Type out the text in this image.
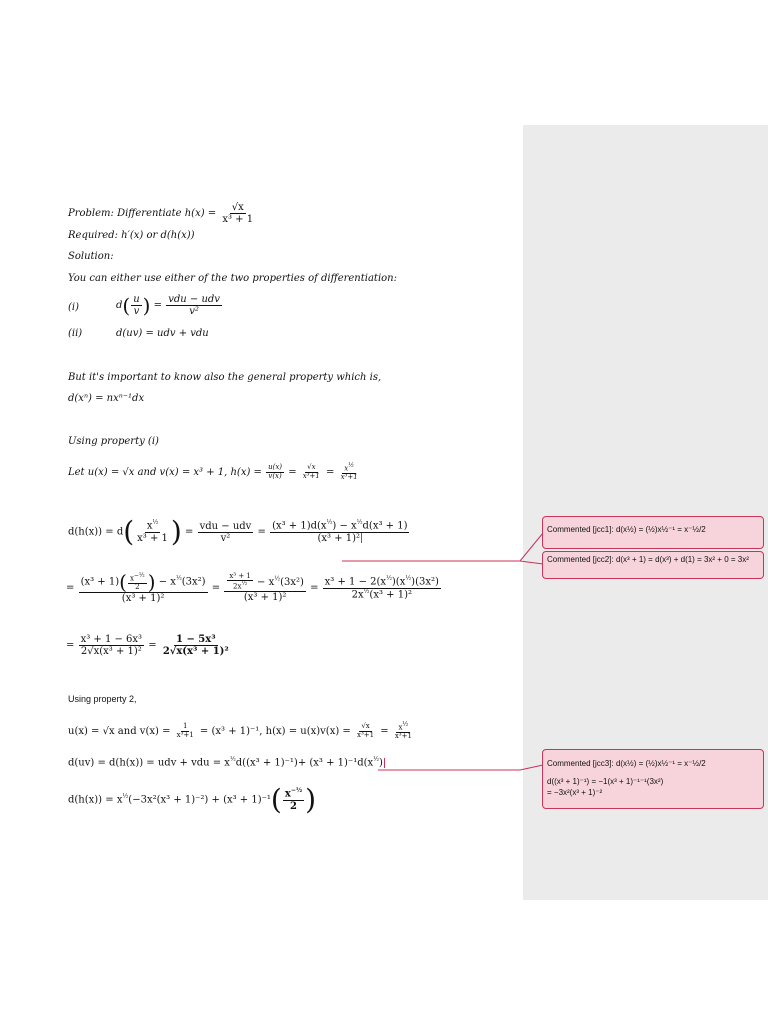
Problem: Differentiate $h(x) = \frac{√x}{\text{x³ + 1}}$
Required: h′(x) or d(h(x))
Solution:
You can either use either of the two properties of differentiation:
(i)	$d( \frac{u}{v}$ ) = $\frac{\text{vdu − udv}}{\text{v²}}$
(ii)	d(uv) = udv + vdu
But it's important to know also the general property which is,
d(xⁿ) = nxⁿ⁻¹dx
Using property (i)
Let u(x) = √x and v(x) = x³ + 1, $h(x) = \frac{u(x)}{v(x)} = \frac{√x}{\text{x³+1}} = \frac{x^{\frac{1}{2}}}{\text{x³+1}}$
$d(h(x)) = d( \frac{x^{\frac{1}{2}}}{\text{x³ + 1}}$ ) = $\frac{\text{vdu − udv}}{\text{v²}} = \frac{(x^3 + 1)d(x^{\frac{1}{2}}) - x^{\frac{1}{2}}d(x^3 + 1)}{\text{(x³ + 1)²}}$
= $\frac{(x^3 + 1)( \frac{x^{-\frac{1}{2}}}{2} ) - x^{\frac{1}{2}}(3x^2)}{\text{(x³ + 1)²}} = \frac{\frac{\text{x³ + 1}}{2x^{\frac{1}{2}}} - x^{\frac{1}{2}}(3x^2)}{\text{(x³ + 1)²}} = \frac{x^3 + 1 - 2(x^{\frac{1}{2}})(x^{\frac{1}{2}})(3x^2)}{2x^{\frac{1}{2}}(x^3 + 1)^2}$
= $\frac{\text{x³ + 1 − 6x³}}{\text{2√x(x³ + 1)²}} = \frac{\text{1 − 5x³}}{\text{2√x(x³ + 1)²}}$
Using property 2,
u(x) = √x and $v(x) = \frac{1}{\text{x³+1}} = (x^3 + 1)^{-1}$, $h(x) = u(x)v(x) = \frac{√x}{\text{x³+1}} = \frac{x^{\frac{1}{2}}}{\text{x³+1}}$
d(uv) = d(h(x)) = udv + vdu = $x^{\frac{1}{2}}d((x^3 + 1)^{-1})+ (x^3 + 1)^{-1}d(x^{\frac{1}{2}})$
$d(h(x)) = x^{\frac{1}{2}}(-3x^2(x^3 + 1)^{-2}) + (x^3 + 1)^{-1}( \frac{x^{-\frac{1}{2}}}{2}$ )
Commented [jcc1]: d(x½) = (½)x½⁻¹ = x⁻½/2
Commented [jcc2]: d(x³ + 1) = d(x³) + d(1) = 3x² + 0 = 3x²
Commented [jcc3]: d(x½) = (½)x½⁻¹ = x⁻½/2
d((x³ + 1)⁻¹) = −1(x³ + 1)⁻¹⁻¹(3x²)
= −3x²(x³ + 1)⁻²
